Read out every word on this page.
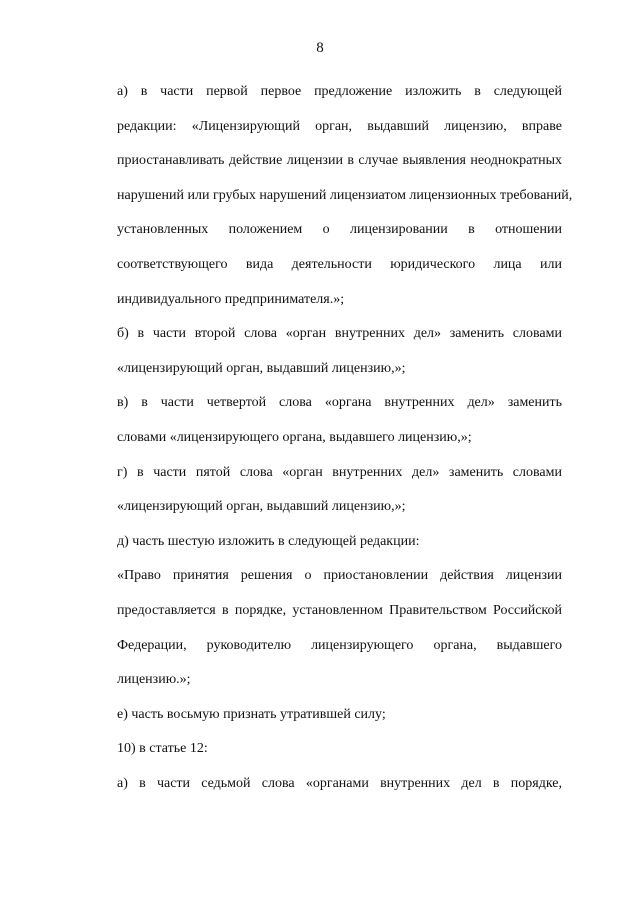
8
а) в части первой первое предложение изложить в следующей
редакции: «Лицензирующий орган, выдавший лицензию, вправе
приостанавливать действие лицензии в случае выявления неоднократных
нарушений или грубых нарушений лицензиатом лицензионных требований,
установленных положением о лицензировании в отношении
соответствующего вида деятельности юридического лица или
индивидуального предпринимателя.»;
б) в части второй слова «орган внутренних дел» заменить словами
«лицензирующий орган, выдавший лицензию,»;
в) в части четвертой слова «органа внутренних дел» заменить
словами «лицензирующего органа, выдавшего лицензию,»;
г) в части пятой слова «орган внутренних дел» заменить словами
«лицензирующий орган, выдавший лицензию,»;
д) часть шестую изложить в следующей редакции:
«Право принятия решения о приостановлении действия лицензии
предоставляется в порядке, установленном Правительством Российской
Федерации, руководителю лицензирующего органа, выдавшего
лицензию.»;
е) часть восьмую признать утратившей силу;
10) в статье 12:
а) в части седьмой слова «органами внутренних дел в порядке,
